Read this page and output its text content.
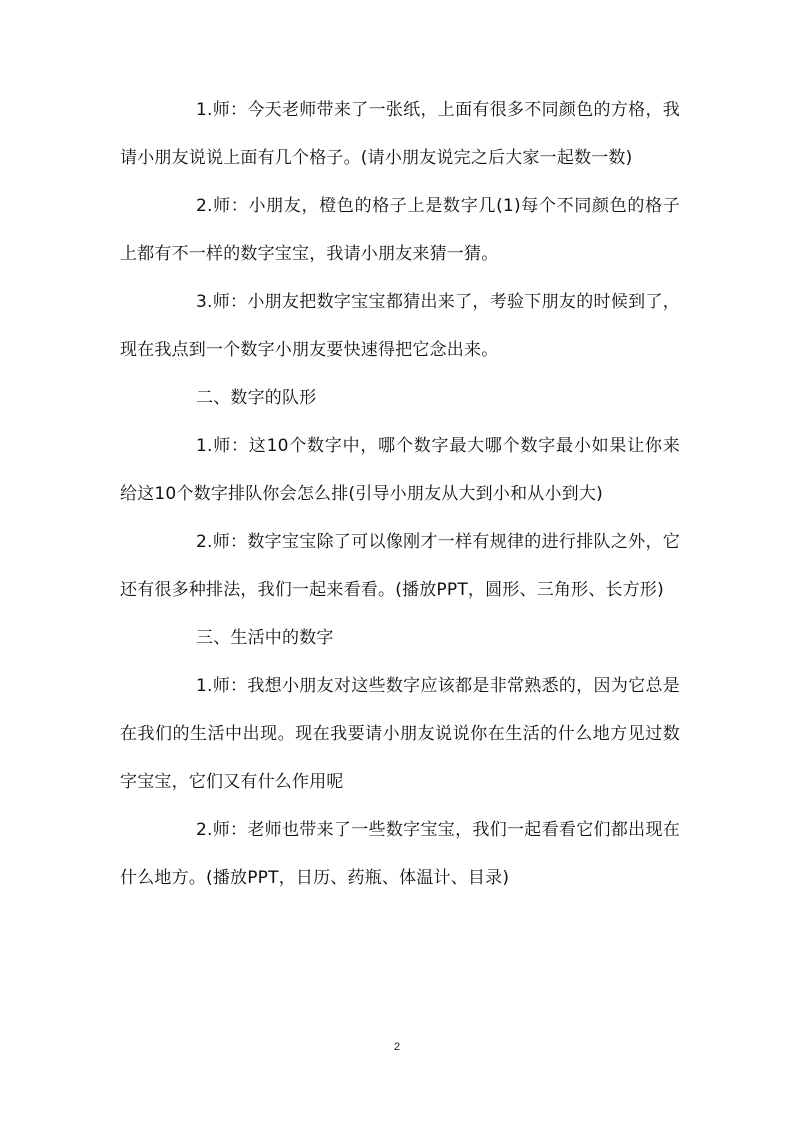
1.师：今天老师带来了一张纸，上面有很多不同颜色的方格，我请小朋友说说上面有几个格子。(请小朋友说完之后大家一起数一数)

2.师：小朋友，橙色的格子上是数字几(1)每个不同颜色的格子上都有不一样的数字宝宝，我请小朋友来猜一猜。

3.师：小朋友把数字宝宝都猜出来了，考验下朋友的时候到了，现在我点到一个数字小朋友要快速得把它念出来。

二、数字的队形

1.师：这10个数字中，哪个数字最大哪个数字最小如果让你来给这10个数字排队你会怎么排(引导小朋友从大到小和从小到大)

2.师：数字宝宝除了可以像刚才一样有规律的进行排队之外，它还有很多种排法，我们一起来看看。(播放PPT，圆形、三角形、长方形)

三、生活中的数字

1.师：我想小朋友对这些数字应该都是非常熟悉的，因为它总是在我们的生活中出现。现在我要请小朋友说说你在生活的什么地方见过数字宝宝，它们又有什么作用呢

2.师：老师也带来了一些数字宝宝，我们一起看看它们都出现在什么地方。(播放PPT，日历、药瓶、体温计、目录)

2
